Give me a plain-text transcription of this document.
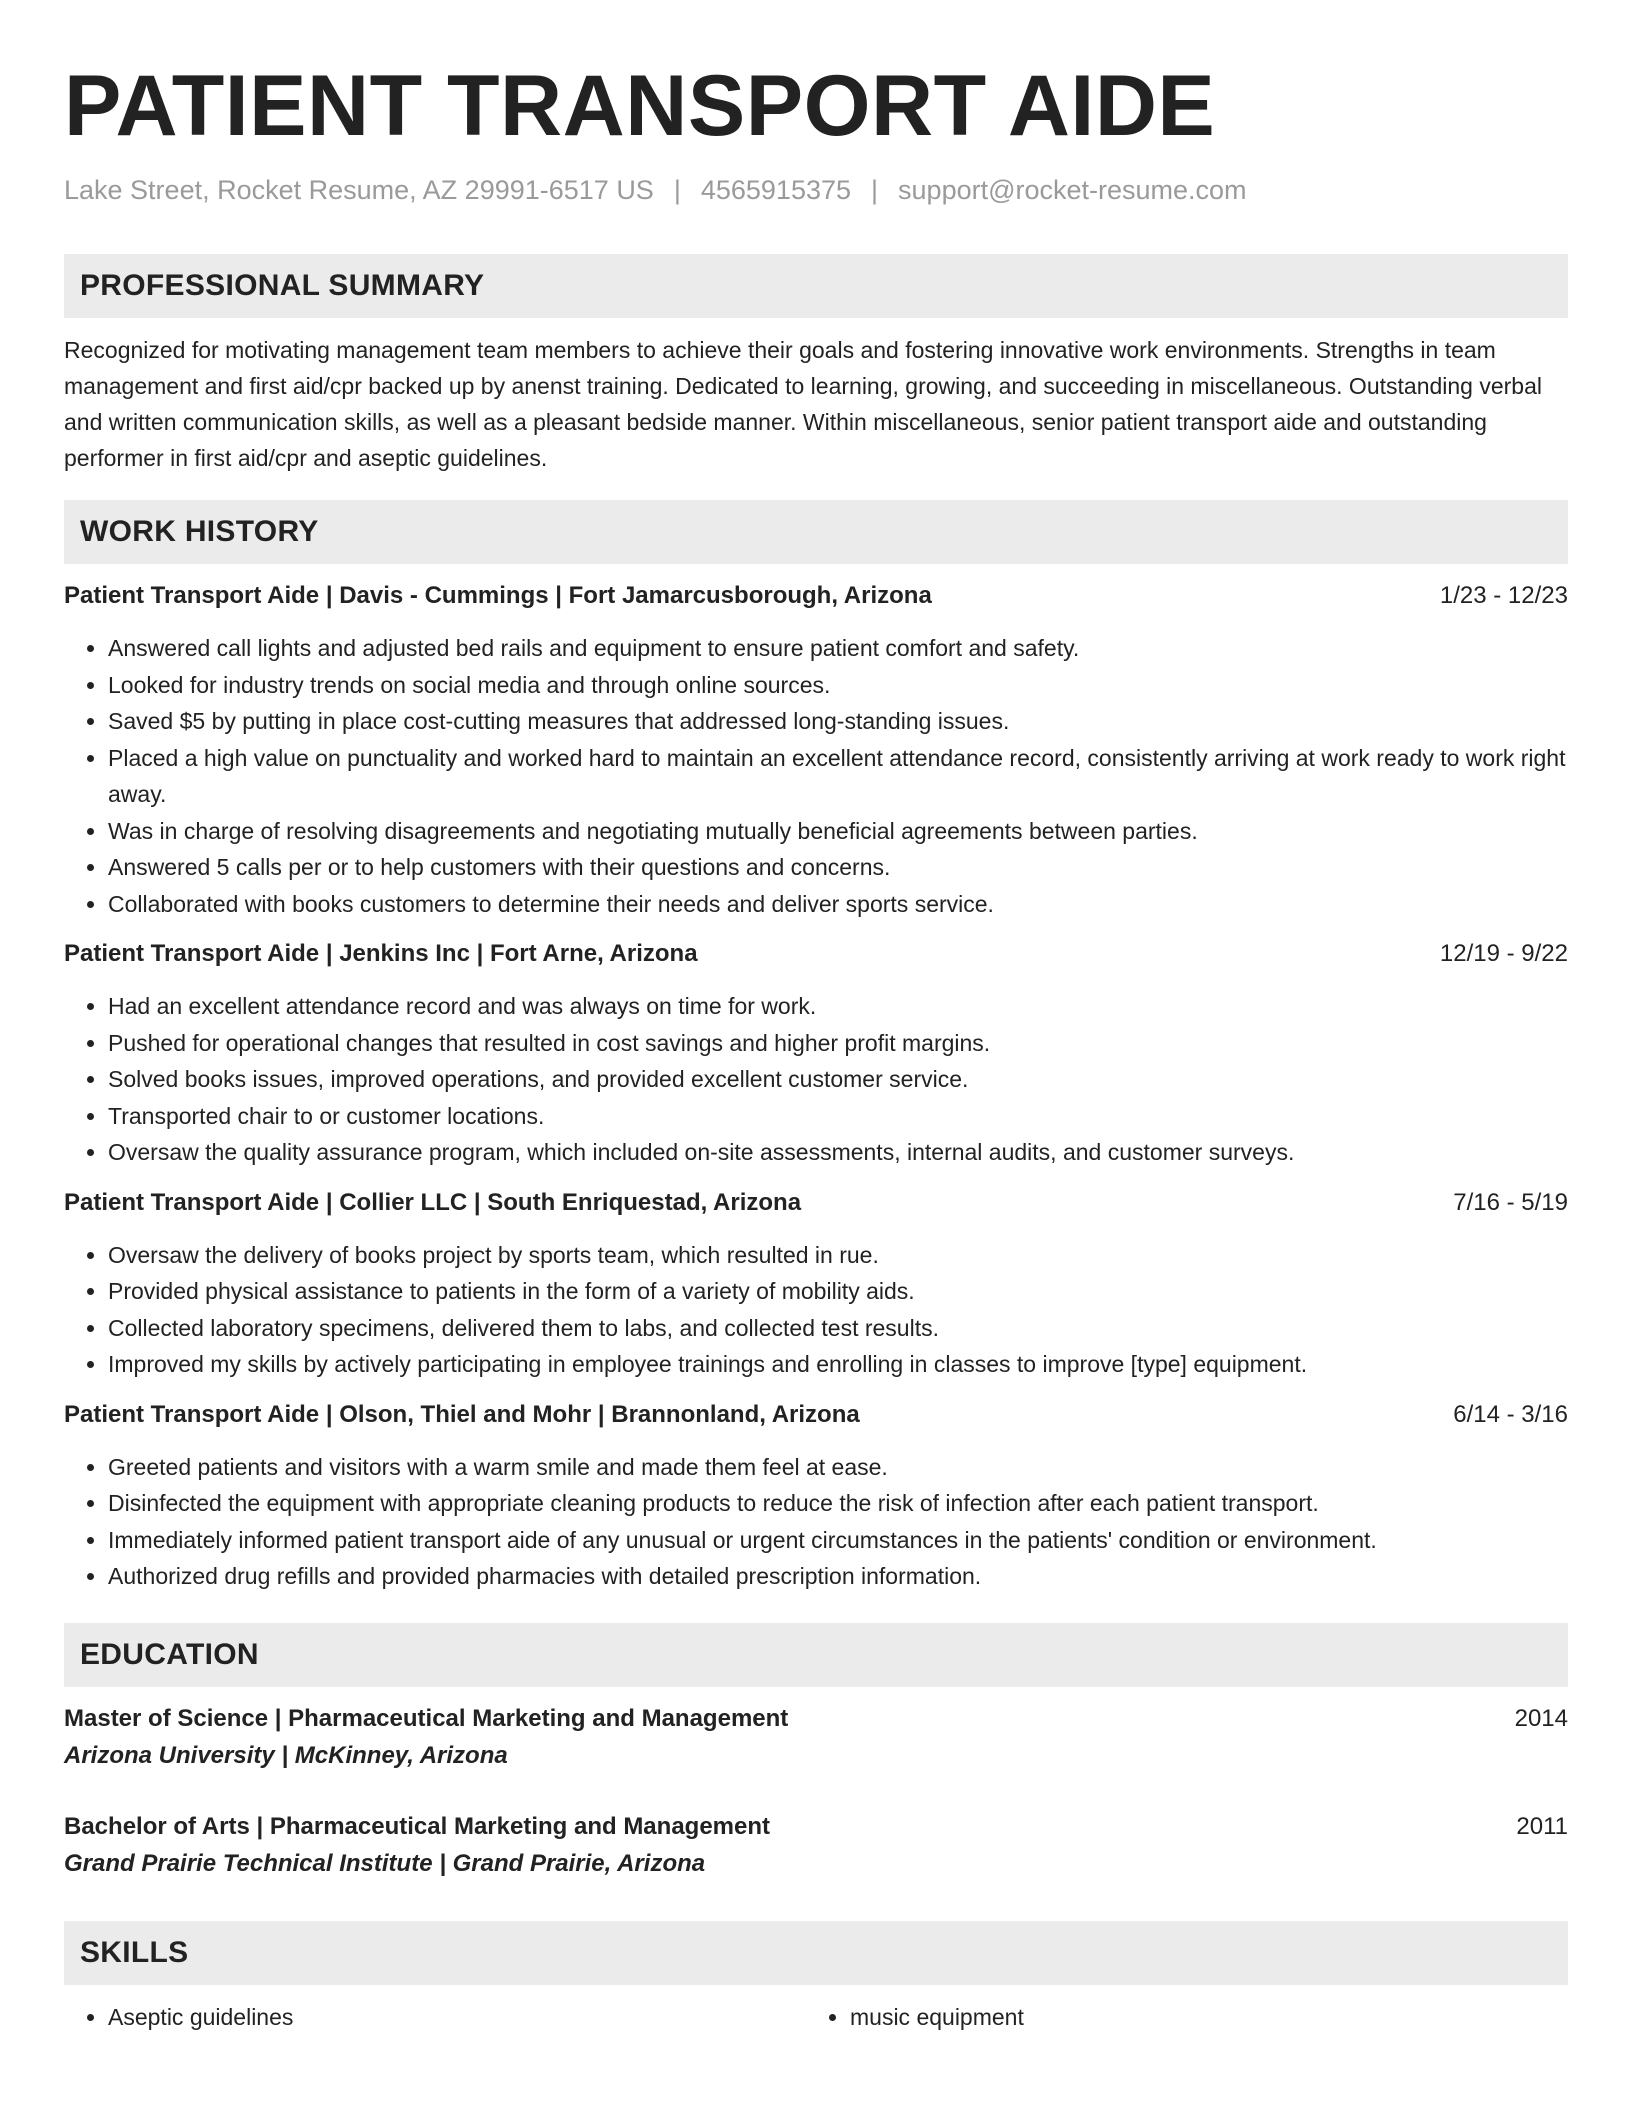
PATIENT TRANSPORT AIDE
Lake Street, Rocket Resume, AZ 29991-6517 US | 4565915375 | support@rocket-resume.com
PROFESSIONAL SUMMARY

Recognized for motivating management team members to achieve their goals and fostering innovative work environments. Strengths in team management and first aid/cpr backed up by anenst training. Dedicated to learning, growing, and succeeding in miscellaneous. Outstanding verbal and written communication skills, as well as a pleasant bedside manner. Within miscellaneous, senior patient transport aide and outstanding performer in first aid/cpr and aseptic guidelines.

WORK HISTORY
Patient Transport Aide | Davis - Cummings | Fort Jamarcusborough, Arizona	1/23 - 12/23
• Answered call lights and adjusted bed rails and equipment to ensure patient comfort and safety.
• Looked for industry trends on social media and through online sources.
• Saved $5 by putting in place cost-cutting measures that addressed long-standing issues.
• Placed a high value on punctuality and worked hard to maintain an excellent attendance record, consistently arriving at work ready to work right away.
• Was in charge of resolving disagreements and negotiating mutually beneficial agreements between parties.
• Answered 5 calls per or to help customers with their questions and concerns.
• Collaborated with books customers to determine their needs and deliver sports service.
Patient Transport Aide | Jenkins Inc | Fort Arne, Arizona	12/19 - 9/22
• Had an excellent attendance record and was always on time for work.
• Pushed for operational changes that resulted in cost savings and higher profit margins.
• Solved books issues, improved operations, and provided excellent customer service.
• Transported chair to or customer locations.
• Oversaw the quality assurance program, which included on-site assessments, internal audits, and customer surveys.
Patient Transport Aide | Collier LLC | South Enriquestad, Arizona	7/16 - 5/19
• Oversaw the delivery of books project by sports team, which resulted in rue.
• Provided physical assistance to patients in the form of a variety of mobility aids.
• Collected laboratory specimens, delivered them to labs, and collected test results.
• Improved my skills by actively participating in employee trainings and enrolling in classes to improve [type] equipment.
Patient Transport Aide | Olson, Thiel and Mohr | Brannonland, Arizona	6/14 - 3/16
• Greeted patients and visitors with a warm smile and made them feel at ease.
• Disinfected the equipment with appropriate cleaning products to reduce the risk of infection after each patient transport.
• Immediately informed patient transport aide of any unusual or urgent circumstances in the patients' condition or environment.
• Authorized drug refills and provided pharmacies with detailed prescription information.
EDUCATION
Master of Science | Pharmaceutical Marketing and Management	2014
Arizona University | McKinney, Arizona
Bachelor of Arts | Pharmaceutical Marketing and Management	2011
Grand Prairie Technical Institute | Grand Prairie, Arizona
SKILLS
• Aseptic guidelines
•	music equipment
